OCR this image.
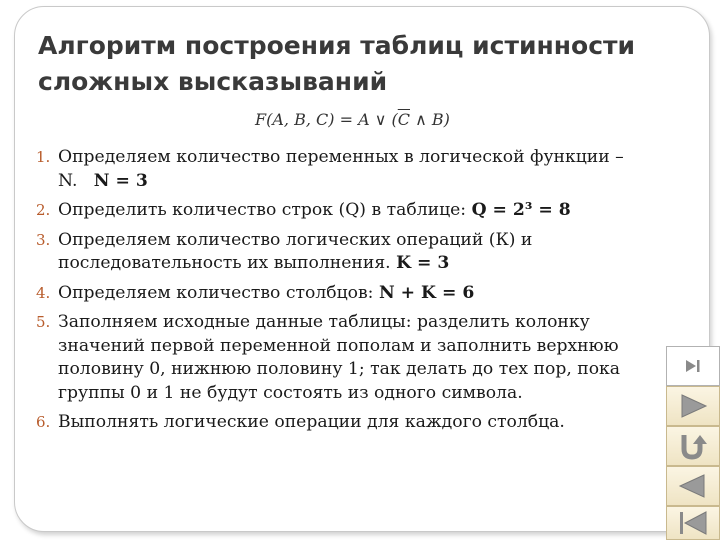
Алгоритм построения таблиц истинности сложных высказываний
F(A, B, C) = A ∨ ($\overline{C}$ ∧ B)
1. Определяем количество переменных в логической функции – N. N = 3
2. Определить количество строк (Q) в таблице: Q = 2³ = 8
3. Определяем количество логических операций (К) и последовательность их выполнения. K = 3
4. Определяем количество столбцов: N + K = 6
5. Заполняем исходные данные таблицы: разделить колонку значений первой переменной пополам и заполнить верхнюю половину 0, нижнюю половину 1; так делать до тех пор, пока группы 0 и 1 не будут состоять из одного символа.
6. Выполнять логические операции для каждого столбца.
